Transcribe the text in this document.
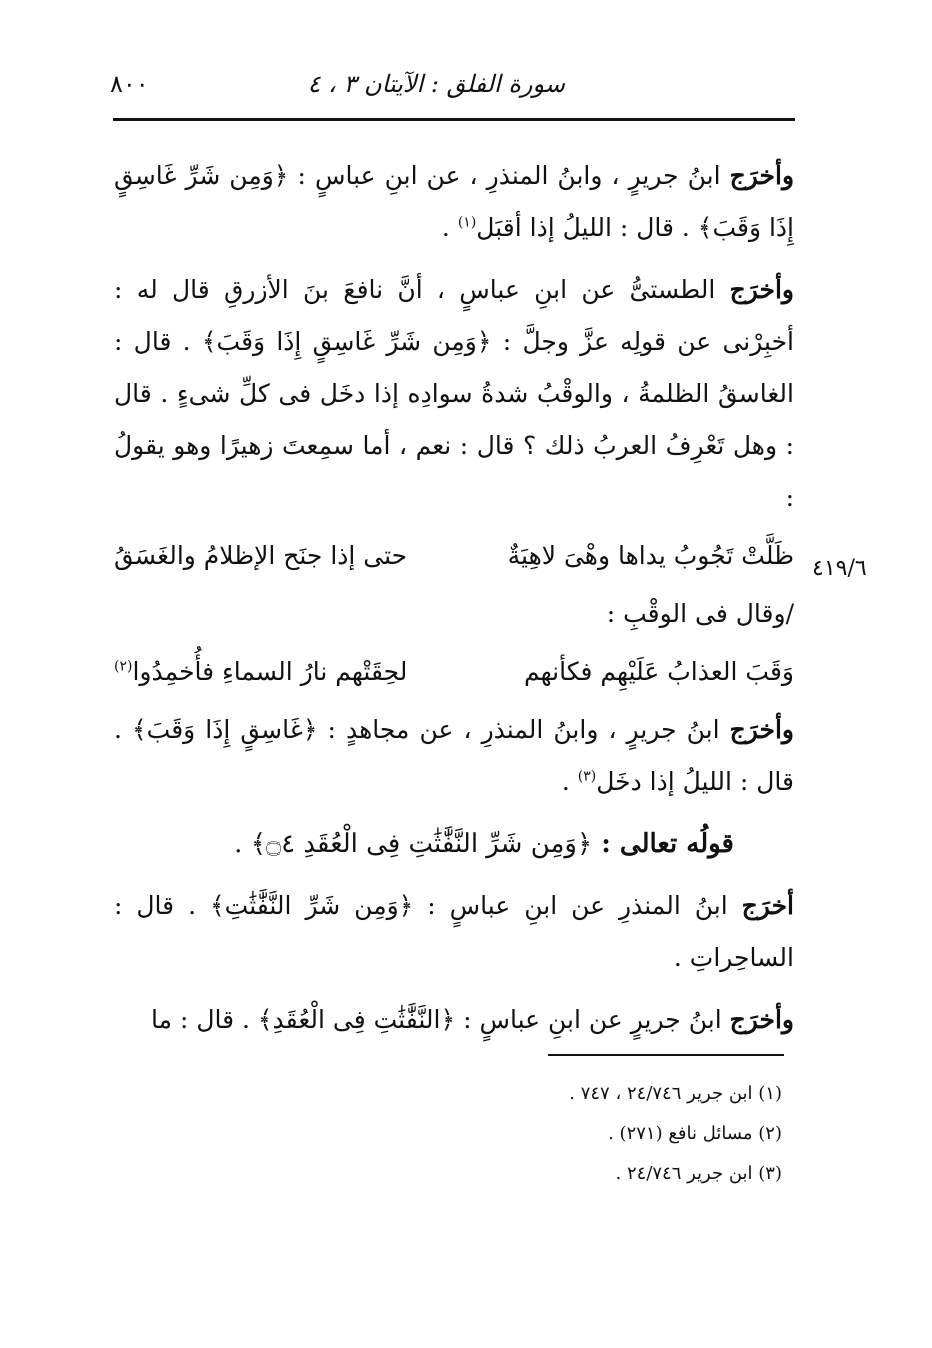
٨٠٠	سورة الفلق : الآيتان ٣ ، ٤
٤١٩/٦

وأخرَج ابنُ جريرٍ ، وابنُ المنذرِ ، عن ابنِ عباسٍ : ﴿وَمِن شَرِّ غَاسِقٍ إِذَا وَقَبَ﴾ . قال : الليلُ إذا أقبَل$^{(١)}$ .

وأخرَج الطستىُّ عن ابنِ عباسٍ ، أنَّ نافعَ بنَ الأزرقِ قال له : أخبِرْنى عن قولِه عزَّ وجلَّ : ﴿وَمِن شَرِّ غَاسِقٍ إِذَا وَقَبَ﴾ . قال : الغاسقُ الظلمةُ ، والوقْبُ شدةُ سوادِه إذا دخَل فى كلِّ شىءٍ . قال : وهل تَعْرِفُ العربُ ذلك ؟ قال : نعم ، أما سمِعتَ زهيرًا وهو يقولُ :

ظَلَّتْ تَجُوبُ يداها وهْىَ لاهِيَةٌ
حتى إذا جنَح الإظلامُ والغَسَقُ

/وقال فى الوقْبِ :

وَقَبَ العذابُ عَلَيْهِم فكأنهم
لحِقَتْهم نارُ السماءِ فأُخمِدُوا$^{(٢)}$

وأخرَج ابنُ جريرٍ ، وابنُ المنذرِ ، عن مجاهدٍ : ﴿غَاسِقٍ إِذَا وَقَبَ﴾ . قال : الليلُ إذا دخَل$^{(٣)}$ .

قولُه تعالى : ﴿وَمِن شَرِّ النَّفَّٰثَٰتِ فِى الْعُقَدِ ۝٤﴾ .

أخرَج ابنُ المنذرِ عن ابنِ عباسٍ : ﴿وَمِن شَرِّ النَّفَّٰثَٰتِ﴾ . قال : الساحِراتِ .

وأخرَج ابنُ جريرٍ عن ابنِ عباسٍ : ﴿النَّفَّٰثَٰتِ فِى الْعُقَدِ﴾ . قال : ما

(١) ابن جرير ٢٤/٧٤٦ ، ٧٤٧ .

(٢) مسائل نافع (٢٧١) .

(٣) ابن جرير ٢٤/٧٤٦ .
